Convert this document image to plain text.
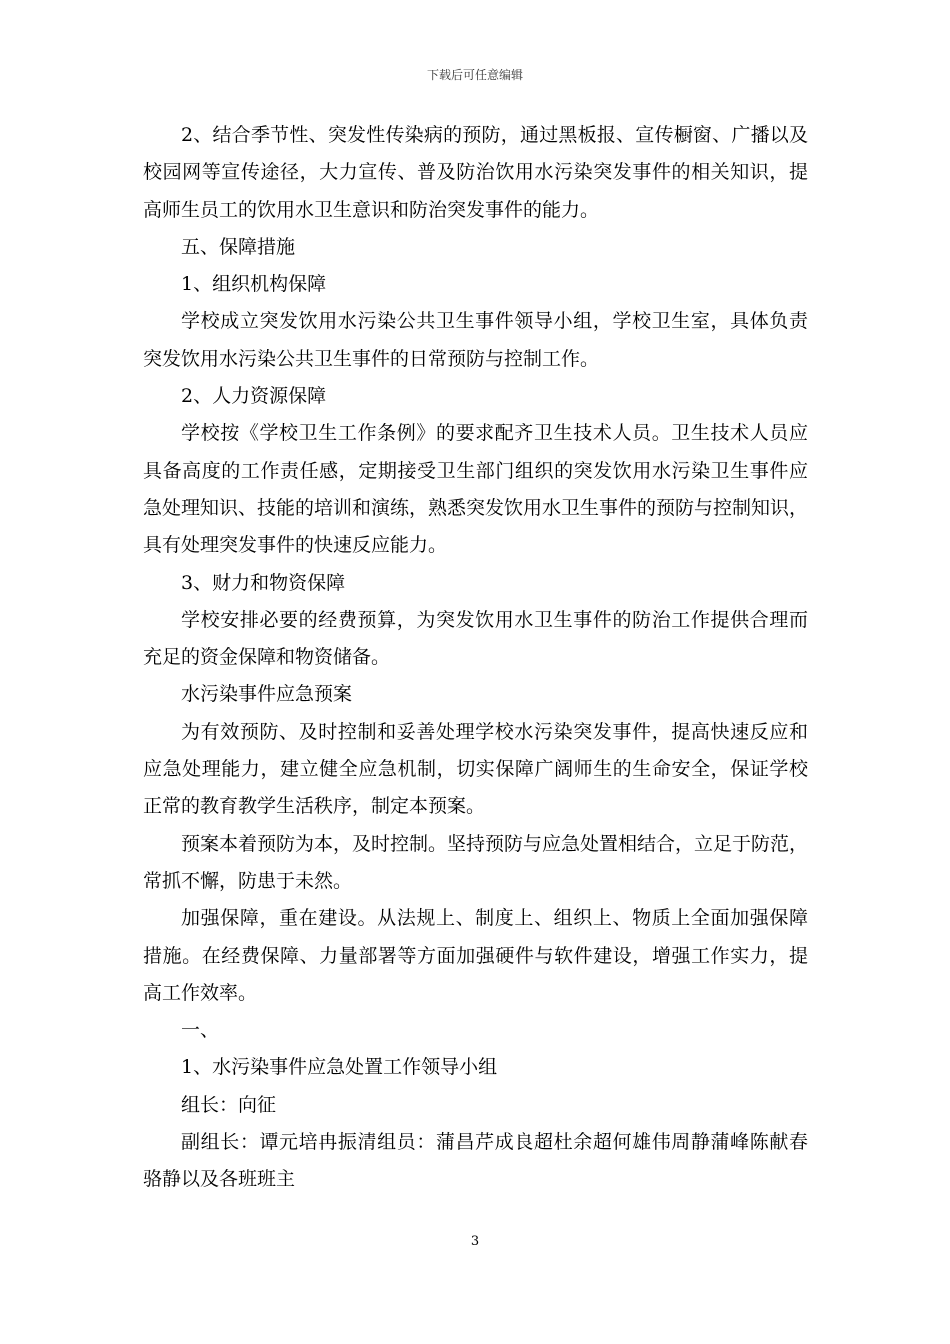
下载后可任意编辑
2、结合季节性、突发性传染病的预防，通过黑板报、宣传橱窗、广播以及
校园网等宣传途径，大力宣传、普及防治饮用水污染突发事件的相关知识，提
高师生员工的饮用水卫生意识和防治突发事件的能力。
五、保障措施
1、组织机构保障
学校成立突发饮用水污染公共卫生事件领导小组，学校卫生室，具体负责
突发饮用水污染公共卫生事件的日常预防与控制工作。
2、人力资源保障
学校按《学校卫生工作条例》的要求配齐卫生技术人员。卫生技术人员应
具备高度的工作责任感，定期接受卫生部门组织的突发饮用水污染卫生事件应
急处理知识、技能的培训和演练，熟悉突发饮用水卫生事件的预防与控制知识，
具有处理突发事件的快速反应能力。
3、财力和物资保障
学校安排必要的经费预算，为突发饮用水卫生事件的防治工作提供合理而
充足的资金保障和物资储备。
水污染事件应急预案
为有效预防、及时控制和妥善处理学校水污染突发事件，提高快速反应和
应急处理能力，建立健全应急机制，切实保障广阔师生的生命安全，保证学校
正常的教育教学生活秩序，制定本预案。
预案本着预防为本，及时控制。坚持预防与应急处置相结合，立足于防范，
常抓不懈，防患于未然。
加强保障，重在建设。从法规上、制度上、组织上、物质上全面加强保障
措施。在经费保障、力量部署等方面加强硬件与软件建设，增强工作实力，提
高工作效率。
一、
1、水污染事件应急处置工作领导小组
组长：向征
副组长：谭元培冉振清组员：蒲昌芹成良超杜余超何雄伟周静蒲峰陈献春
骆静以及各班班主
3
